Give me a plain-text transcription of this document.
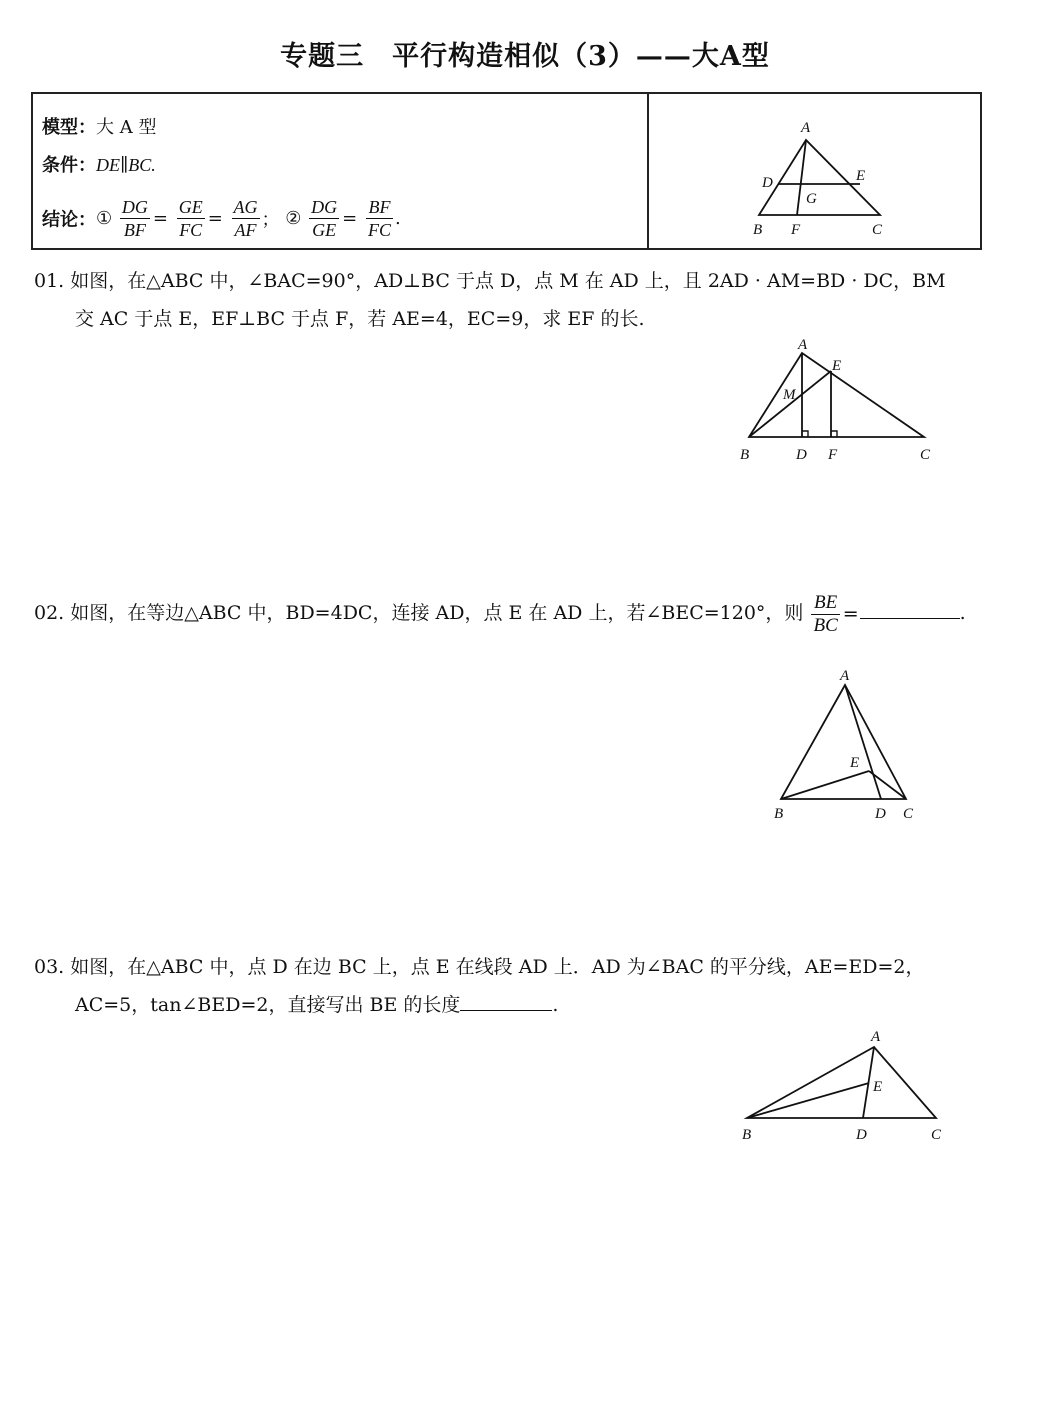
专题三　平行构造相似（3）——大A型
模型：大 A 型
条件：DE∥BC.
结论：① $\frac{DG}{BF} = \frac{GE}{FC} = \frac{AG}{AF}$ ； ② $\frac{DG}{GE} = \frac{BF}{FC}$ .
A
D	E
G
B F	C
01. 如图，在△ABC 中，∠BAC=90°，AD⊥BC 于点 D，点 M 在 AD 上，且 2AD · AM=BD · DC，BM
交 AC 于点 E，EF⊥BC 于点 F，若 AE=4，EC=9，求 EF 的长.
A
E
M
B	D F	C
02. 如图，在等边△ABC 中，BD=4DC，连接 AD，点 E 在 AD 上，若∠BEC=120°，则 $\frac{BE}{BC}$ =	.
A
E
B	D C
03. 如图，在△ABC 中，点 D 在边 BC 上，点 E 在线段 AD 上．AD 为∠BAC 的平分线，AE=ED=2，
AC=5，tan∠BED=2，直接写出 BE 的长度	.
A
E
B	D	C
